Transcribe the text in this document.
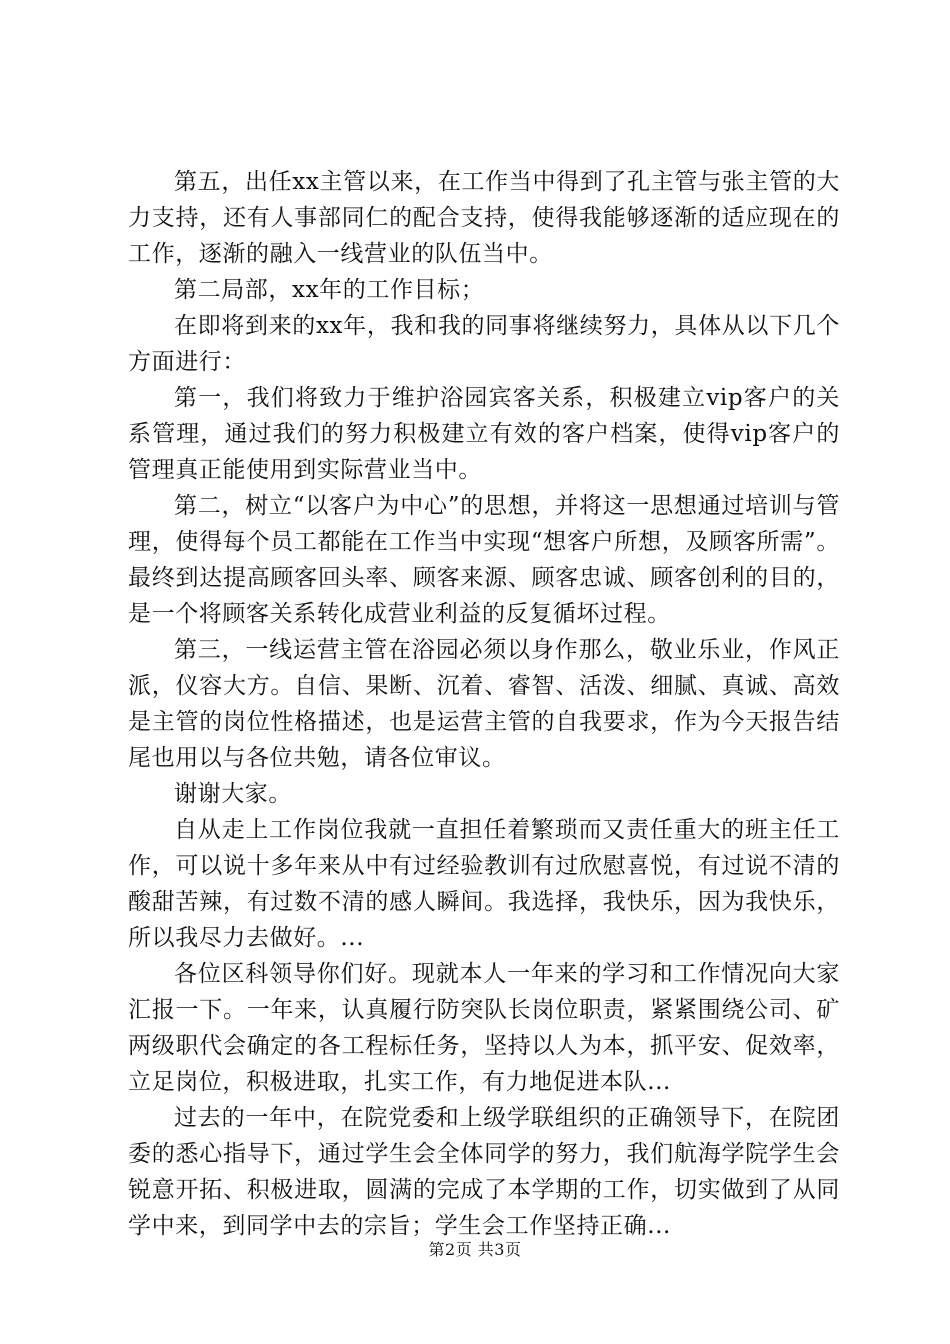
第五，出任xx主管以来，在工作当中得到了孔主管与张主管的大力支持，还有人事部同仁的配合支持，使得我能够逐渐的适应现在的工作，逐渐的融入一线营业的队伍当中。

第二局部，xx年的工作目标；

在即将到来的xx年，我和我的同事将继续努力，具体从以下几个方面进行：

第一，我们将致力于维护浴园宾客关系，积极建立vip客户的关系管理，通过我们的努力积极建立有效的客户档案，使得vip客户的管理真正能使用到实际营业当中。

第二，树立“以客户为中心”的思想，并将这一思想通过培训与管理，使得每个员工都能在工作当中实现“想客户所想，及顾客所需”。最终到达提高顾客回头率、顾客来源、顾客忠诚、顾客创利的目的，是一个将顾客关系转化成营业利益的反复循坏过程。

第三，一线运营主管在浴园必须以身作那么，敬业乐业，作风正派，仪容大方。自信、果断、沉着、睿智、活泼、细腻、真诚、高效是主管的岗位性格描述，也是运营主管的自我要求，作为今天报告结尾也用以与各位共勉，请各位审议。

谢谢大家。

自从走上工作岗位我就一直担任着繁琐而又责任重大的班主任工作，可以说十多年来从中有过经验教训有过欣慰喜悦，有过说不清的酸甜苦辣，有过数不清的感人瞬间。我选择，我快乐，因为我快乐，所以我尽力去做好。...

各位区科领导你们好。现就本人一年来的学习和工作情况向大家汇报一下。一年来，认真履行防突队长岗位职责，紧紧围绕公司、矿两级职代会确定的各工程标任务，坚持以人为本，抓平安、促效率，立足岗位，积极进取，扎实工作，有力地促进本队...

过去的一年中，在院党委和上级学联组织的正确领导下，在院团委的悉心指导下，通过学生会全体同学的努力，我们航海学院学生会锐意开拓、积极进取，圆满的完成了本学期的工作，切实做到了从同学中来，到同学中去的宗旨；学生会工作坚持正确...

第2页 共3页
